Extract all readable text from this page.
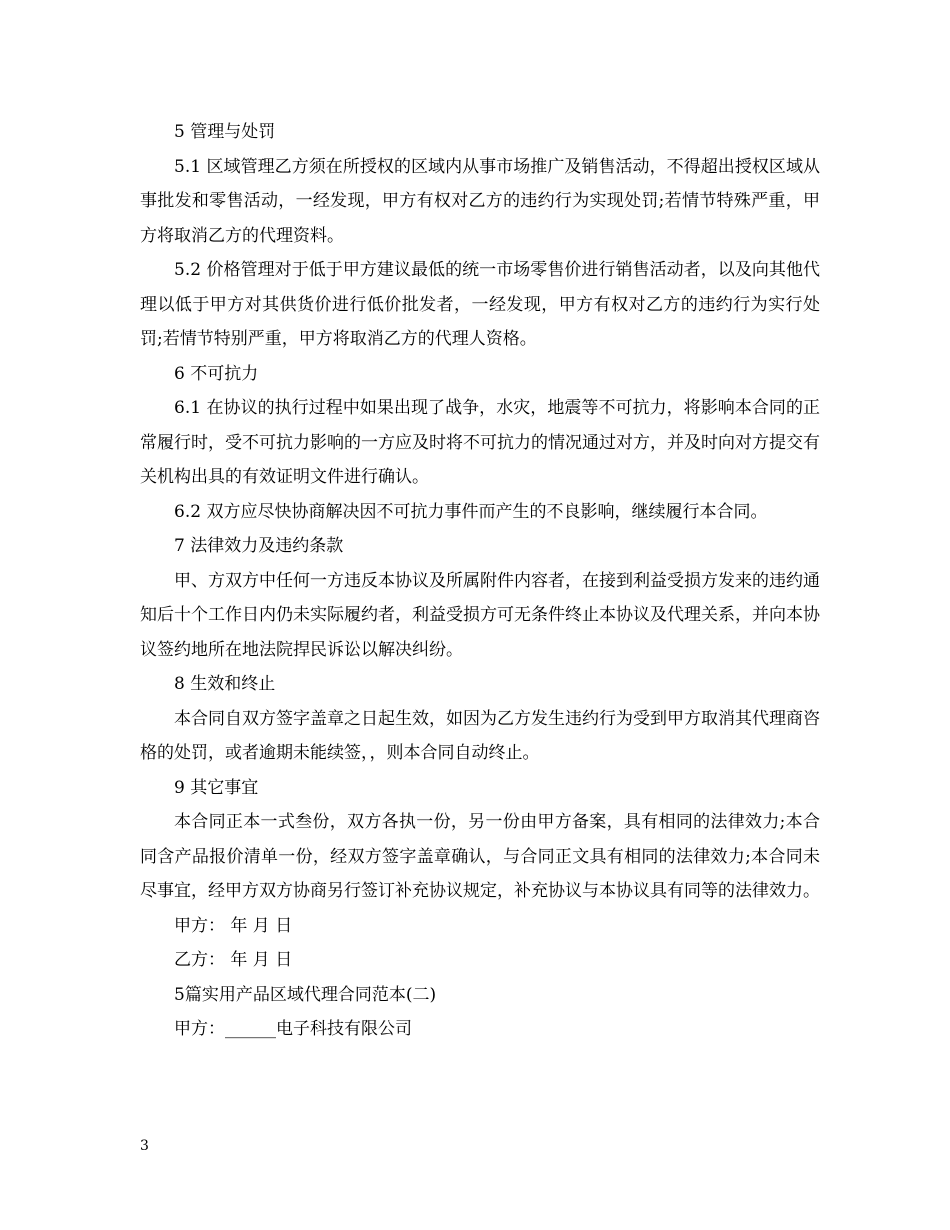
5 管理与处罚

5.1 区域管理乙方须在所授权的区域内从事市场推广及销售活动，不得超出授权区域从事批发和零售活动，一经发现，甲方有权对乙方的违约行为实现处罚;若情节特殊严重，甲方将取消乙方的代理资料。

5.2 价格管理对于低于甲方建议最低的统一市场零售价进行销售活动者，以及向其他代理以低于甲方对其供货价进行低价批发者，一经发现，甲方有权对乙方的违约行为实行处罚;若情节特别严重，甲方将取消乙方的代理人资格。

6 不可抗力

6.1 在协议的执行过程中如果出现了战争，水灾，地震等不可抗力，将影响本合同的正常履行时，受不可抗力影响的一方应及时将不可抗力的情况通过对方，并及时向对方提交有关机构出具的有效证明文件进行确认。

6.2 双方应尽快协商解决因不可抗力事件而产生的不良影响，继续履行本合同。

7 法律效力及违约条款

甲、方双方中任何一方违反本协议及所属附件内容者，在接到利益受损方发来的违约通知后十个工作日内仍未实际履约者，利益受损方可无条件终止本协议及代理关系，并向本协议签约地所在地法院捍民诉讼以解决纠纷。

8 生效和终止

本合同自双方签字盖章之日起生效，如因为乙方发生违约行为受到甲方取消其代理商咨格的处罚，或者逾期未能续签，，则本合同自动终止。

9 其它事宜

本合同正本一式叁份，双方各执一份，另一份由甲方备案，具有相同的法律效力;本合同含产品报价清单一份，经双方签字盖章确认，与合同正文具有相同的法律效力;本合同未尽事宜，经甲方双方协商另行签订补充协议规定，补充协议与本协议具有同等的法律效力。

甲方： 年 月 日

乙方： 年 月 日

5篇实用产品区域代理合同范本(二)

甲方：______电子科技有限公司

3
